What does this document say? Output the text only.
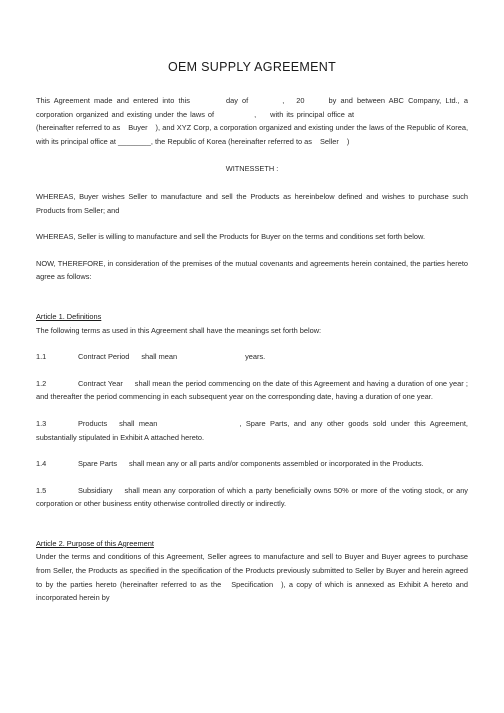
OEM SUPPLY AGREEMENT

This Agreement made and entered into this	day of	, 20	by and between ABC Company, Ltd., a corporation organized and existing under the laws of	, with its principal office at(hereinafter referred to as Buyer ), and XYZ Corp, a corporation organized and existing under the laws of the Republic of Korea, with its principal office at ________, the Republic of Korea (hereinafter referred to as Seller )

WITNESSETH :

WHEREAS, Buyer wishes Seller to manufacture and sell the Products as hereinbelow defined and wishes to purchase such Products from Seller; and

WHEREAS, Seller is willing to manufacture and sell the Products for Buyer on the terms and conditions set forth below.

NOW, THEREFORE, in consideration of the premises of the mutual covenants and agreements herein contained, the parties hereto agree as follows:

Article 1. Definitions

The following terms as used in this Agreement shall have the meanings set forth below:

1.1	Contract Period shall mean	years.

1.2	Contract Year shall mean the period commencing on the date of this Agreement and having a duration of one year ; and thereafter the period commencing in each subsequent year on the corresponding date, having a duration of one year.

1.3	Products shall mean	, Spare Parts, and any other goods sold under this Agreement, substantially stipulated in Exhibit A attached hereto.

1.4	Spare Parts shall mean any or all parts and/or components assembled or incorporated in the Products.

1.5	Subsidiary shall mean any corporation of which a party beneficially owns 50% or more of the voting stock, or any corporation or other business entity otherwise controlled directly or indirectly.

Article 2. Purpose of this Agreement

Under the terms and conditions of this Agreement, Seller agrees to manufacture and sell to Buyer and Buyer agrees to purchase from Seller, the Products as specified in the specification of the Products previously submitted to Seller by Buyer and herein agreed to by the parties hereto (hereinafter referred to as the Specification ), a copy of which is annexed as Exhibit A hereto and incorporated herein by
